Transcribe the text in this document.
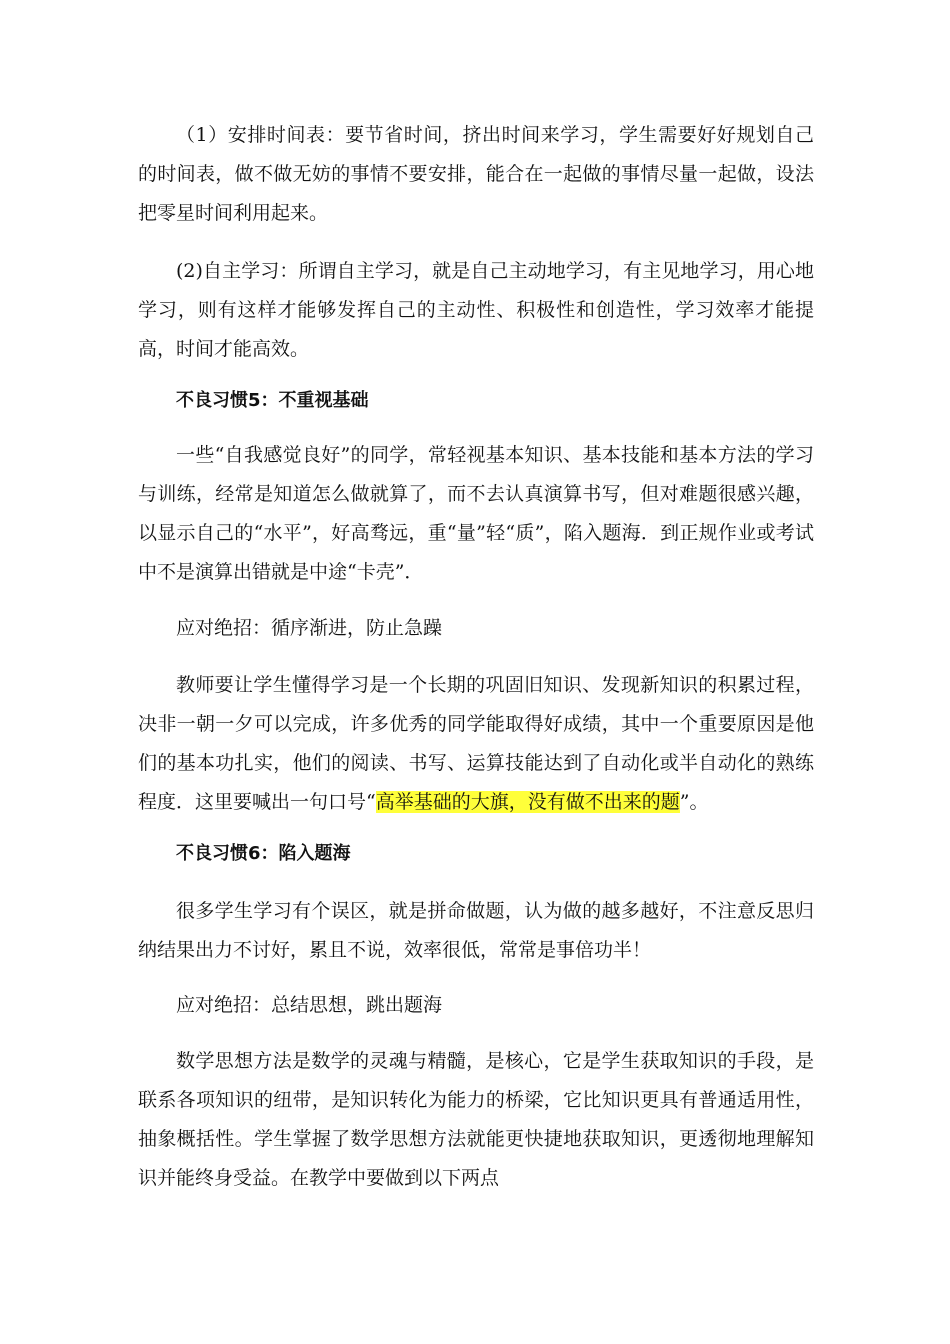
（1）安排时间表：要节省时间，挤出时间来学习，学生需要好好规划自己的时间表，做不做无妨的事情不要安排，能合在一起做的事情尽量一起做，设法把零星时间利用起来。

(2)自主学习：所谓自主学习，就是自己主动地学习，有主见地学习，用心地学习，则有这样才能够发挥自己的主动性、积极性和创造性，学习效率才能提高，时间才能高效。

不良习惯5：不重视基础

一些“自我感觉良好”的同学，常轻视基本知识、基本技能和基本方法的学习与训练，经常是知道怎么做就算了，而不去认真演算书写，但对难题很感兴趣，以显示自己的“水平”，好高骛远，重“量”轻“质”，陷入题海．到正规作业或考试中不是演算出错就是中途“卡壳”．

应对绝招：循序渐进，防止急躁

教师要让学生懂得学习是一个长期的巩固旧知识、发现新知识的积累过程，决非一朝一夕可以完成，许多优秀的同学能取得好成绩，其中一个重要原因是他们的基本功扎实，他们的阅读、书写、运算技能达到了自动化或半自动化的熟练程度．这里要喊出一句口号“高举基础的大旗，没有做不出来的题”。

不良习惯6：陷入题海

很多学生学习有个误区，就是拼命做题，认为做的越多越好，不注意反思归纳结果出力不讨好，累且不说，效率很低，常常是事倍功半！

应对绝招：总结思想，跳出题海

数学思想方法是数学的灵魂与精髓，是核心，它是学生获取知识的手段，是联系各项知识的纽带，是知识转化为能力的桥梁，它比知识更具有普通适用性，抽象概括性。学生掌握了数学思想方法就能更快捷地获取知识，更透彻地理解知识并能终身受益。在教学中要做到以下两点
